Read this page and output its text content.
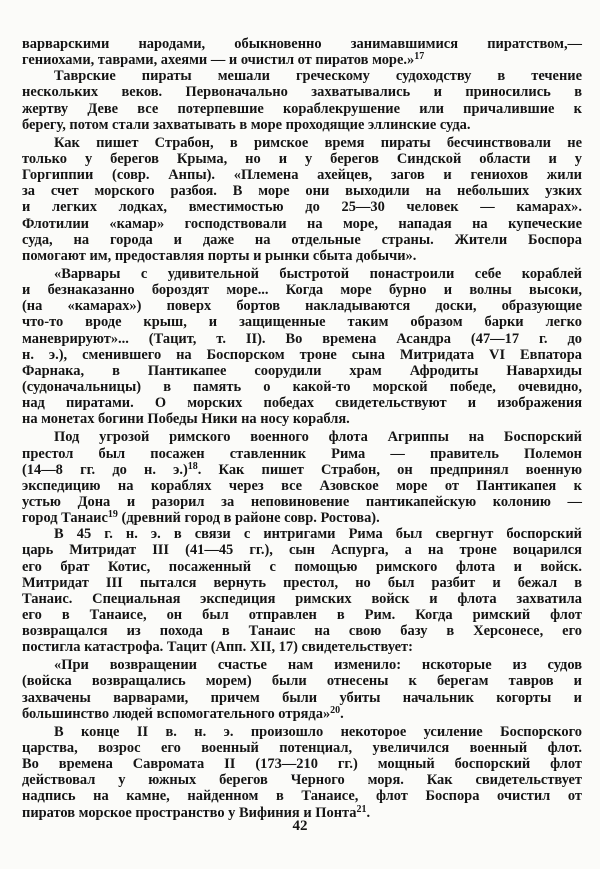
варварскими народами, обыкновенно занимавшимися пиратством,—
гениохами, таврами, ахеями — и очистил от пиратов море.»$^{17}$
Таврские пираты мешали греческому судоходству в течение
нескольких веков. Первоначально захватывались и приносились в
жертву Деве все потерпевшие кораблекрушение или причалившие к
берегу, потом стали захватывать в море проходящие эллинские суда.
Как пишет Страбон, в римское время пираты бесчинствовали не
только у берегов Крыма, но и у берегов Синдской области и у
Горгиппии (совр. Анпы). «Племена ахейцев, загов и гениохов жили
за счет морского разбоя. В море они выходили на небольших узких
и легких лодках, вместимостью до 25—30 человек — камарах».
Флотилии «камар» господствовали на море, нападая на купеческие
суда, на города и даже на отдельные страны. Жители Боспора
помогают им, предоставляя порты и рынки сбыта добычи».
«Варвары с удивительной быстротой понастроили себе кораблей
и безнаказанно бороздят море... Когда море бурно и волны высоки,
(на «камарах») поверх бортов накладываются доски, образующие
что-то вроде крыш, и защищенные таким образом барки легко
маневрируют»... (Тацит, т. II). Во времена Асандра (47—17 г. до
н. э.), сменившего на Боспорском троне сына Митридата VI Евпатора
Фарнака, в Пантикапее соорудили храм Афродиты Навархиды
(судоначальницы) в память о какой-то морской победе, очевидно,
над пиратами. О морских победах свидетельствуют и изображения
на монетах богини Победы Ники на носу корабля.
Под угрозой римского военного флота Агриппы на Боспорский
престол был посажен ставленник Рима — правитель Полемон
(14—8 гг. до н. э.)$^{18}$. Как пишет Страбон, он предпринял военную
экспедицию на кораблях через все Азовское море от Пантикапея к
устью Дона и разорил за неповиновение пантикапейскую колонию —
город Танаис$^{19}$ (древний город в районе совр. Ростова).
В 45 г. н. э. в связи с интригами Рима был свергнут боспорский
царь Митридат III (41—45 гг.), сын Аспурга, а на троне воцарился
его брат Котис, посаженный с помощью римского флота и войск.
Митридат III пытался вернуть престол, но был разбит и бежал в
Танаис. Специальная экспедиция римских войск и флота захватила
его в Танаисе, он был отправлен в Рим. Когда римский флот
возвращался из похода в Танаис на свою базу в Херсонесе, его
постигла катастрофа. Тацит (Апп. XII, 17) свидетельствует:
«При возвращении счастье нам изменило: нскоторые из судов
(войска возвращались морем) были отнесены к берегам тавров и
захвачены варварами, причем были убиты начальник когорты и
большинство людей вспомогательного отряда»$^{20}$.
В конце II в. н. э. произошло некоторое усиление Боспорского
царства, возрос его военный потенциал, увеличился военный флот.
Во времена Савромата II (173—210 гг.) мощный боспорский флот
действовал у южных берегов Черного моря. Как свидетельствует
надпись на камне, найденном в Танаисе, флот Боспора очистил от
пиратов морское пространство у Вифиния и Понта$^{21}$.
42
